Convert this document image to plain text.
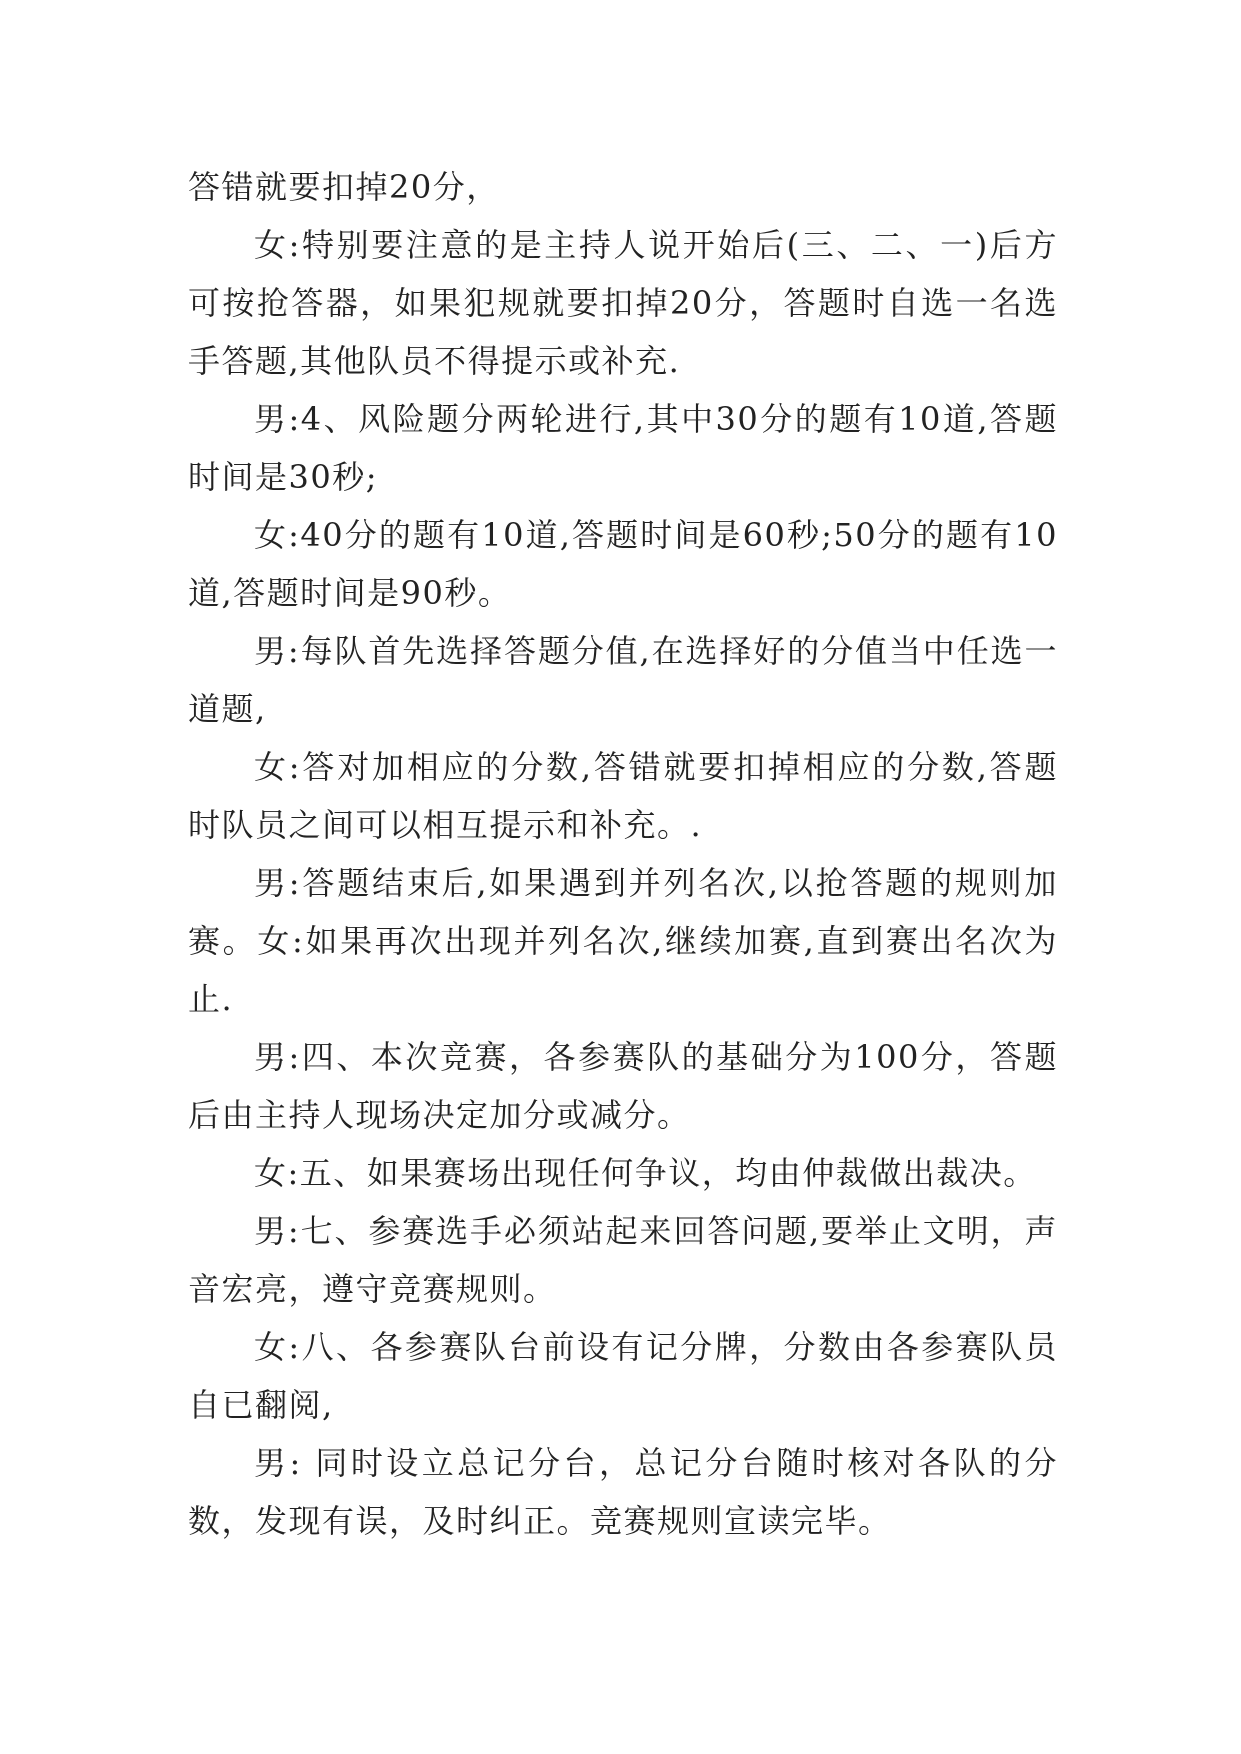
答错就要扣掉20分，

女:特别要注意的是主持人说开始后(三、二、一)后方可按抢答器，如果犯规就要扣掉20分，答题时自选一名选手答题,其他队员不得提示或补充.

男:4、风险题分两轮进行,其中30分的题有10道,答题时间是30秒;

女:40分的题有10道,答题时间是60秒;50分的题有10道,答题时间是90秒。

男:每队首先选择答题分值,在选择好的分值当中任选一道题,

女:答对加相应的分数,答错就要扣掉相应的分数,答题时队员之间可以相互提示和补充。.

男:答题结束后,如果遇到并列名次,以抢答题的规则加赛。女:如果再次出现并列名次,继续加赛,直到赛出名次为止.

男:四、本次竞赛，各参赛队的基础分为100分，答题后由主持人现场决定加分或减分。

女:五、如果赛场出现任何争议，均由仲裁做出裁决。

男:七、参赛选手必须站起来回答问题,要举止文明，声音宏亮，遵守竞赛规则。

女:八、各参赛队台前设有记分牌，分数由各参赛队员自已翻阅,

男: 同时设立总记分台，总记分台随时核对各队的分数，发现有误，及时纠正。竞赛规则宣读完毕。
